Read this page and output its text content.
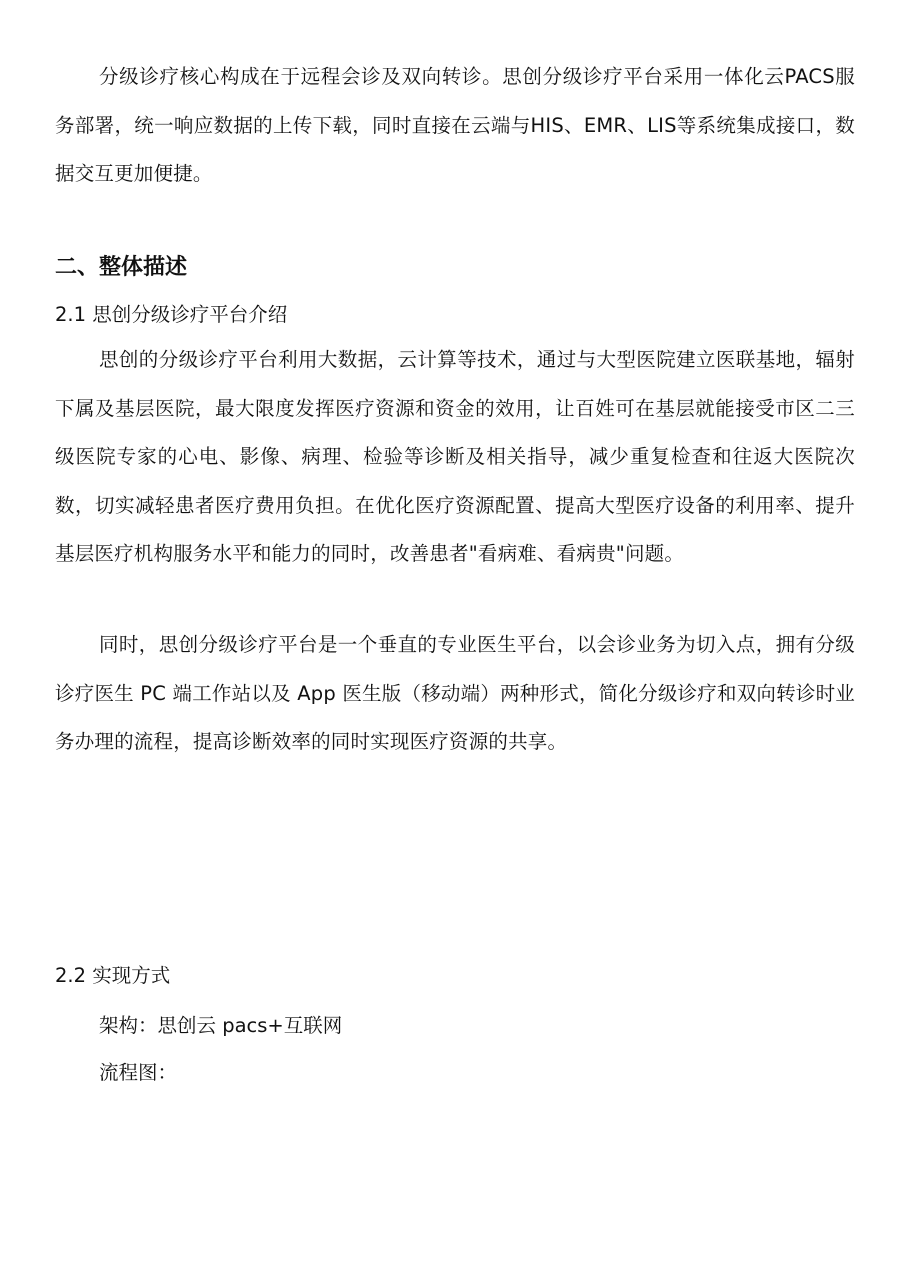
分级诊疗核心构成在于远程会诊及双向转诊。思创分级诊疗平台采用一体化云PACS服务部署，统一响应数据的上传下载，同时直接在云端与HIS、EMR、LIS等系统集成接口，数据交互更加便捷。

二、整体描述

2.1 思创分级诊疗平台介绍

思创的分级诊疗平台利用大数据，云计算等技术，通过与大型医院建立医联基地，辐射下属及基层医院，最大限度发挥医疗资源和资金的效用，让百姓可在基层就能接受市区二三级医院专家的心电、影像、病理、检验等诊断及相关指导，减少重复检查和往返大医院次数，切实减轻患者医疗费用负担。在优化医疗资源配置、提高大型医疗设备的利用率、提升基层医疗机构服务水平和能力的同时，改善患者"看病难、看病贵"问题。

同时，思创分级诊疗平台是一个垂直的专业医生平台，以会诊业务为切入点，拥有分级诊疗医生 PC 端工作站以及 App 医生版（移动端）两种形式，简化分级诊疗和双向转诊时业务办理的流程，提高诊断效率的同时实现医疗资源的共享。

2.2 实现方式

架构：思创云 pacs+互联网

流程图：
